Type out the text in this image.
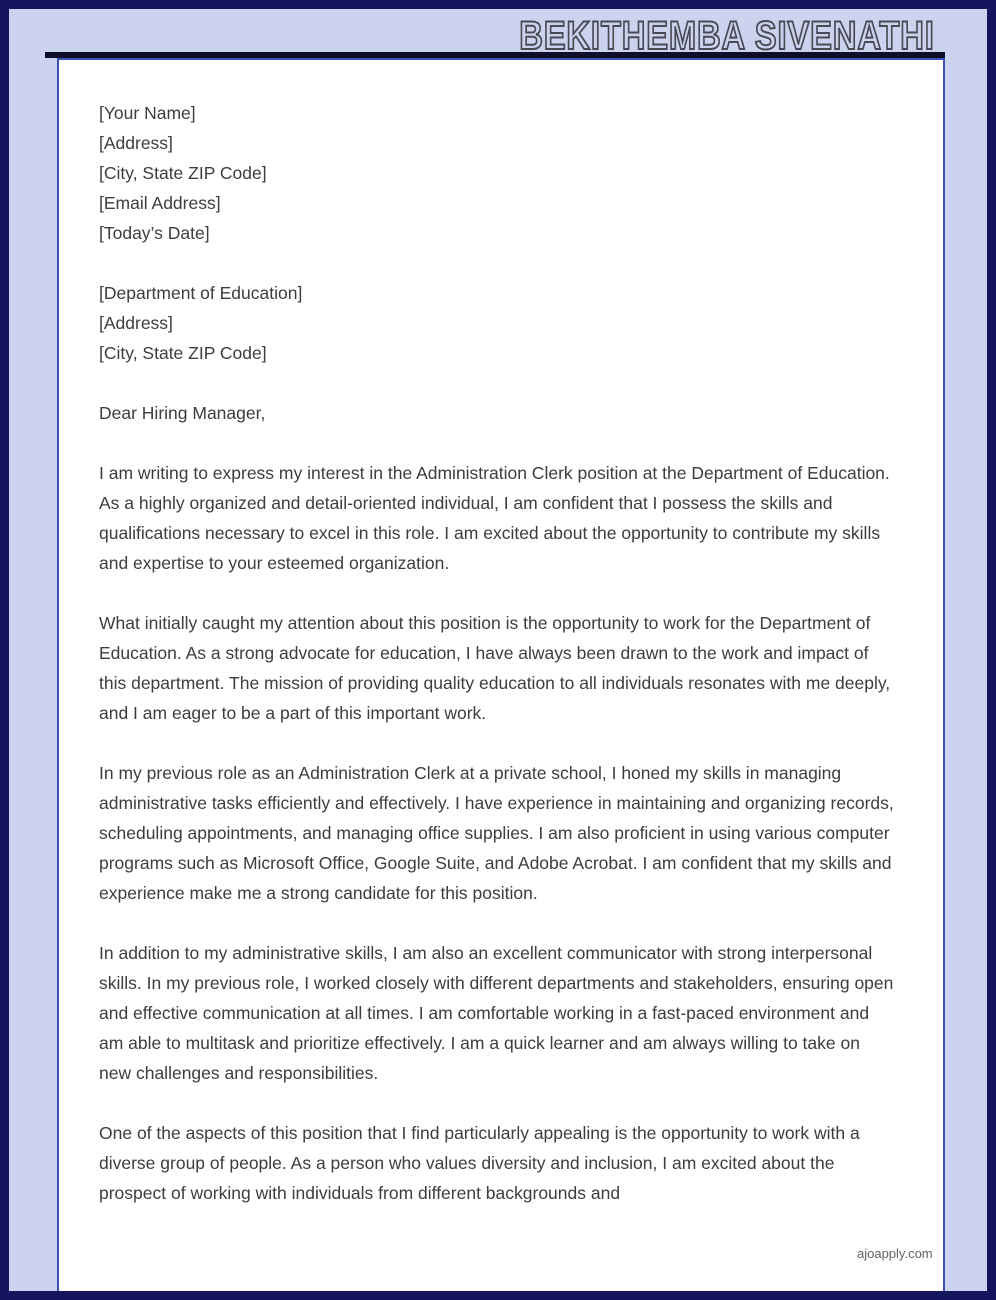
BEKITHEMBA SIVENATHI

[Your Name]

[Address]

[City, State ZIP Code]

[Email Address]

[Today’s Date]

[Department of Education]

[Address]

[City, State ZIP Code]

Dear Hiring Manager,

I am writing to express my interest in the Administration Clerk position at the Department of Education. As a highly organized and detail-oriented individual, I am confident that I possess the skills and qualifications necessary to excel in this role. I am excited about the opportunity to contribute my skills and expertise to your esteemed organization.

What initially caught my attention about this position is the opportunity to work for the Department of Education. As a strong advocate for education, I have always been drawn to the work and impact of this department. The mission of providing quality education to all individuals resonates with me deeply, and I am eager to be a part of this important work.

In my previous role as an Administration Clerk at a private school, I honed my skills in managing administrative tasks efficiently and effectively. I have experience in maintaining and organizing records, scheduling appointments, and managing office supplies. I am also proficient in using various computer programs such as Microsoft Office, Google Suite, and Adobe Acrobat. I am confident that my skills and experience make me a strong candidate for this position.

In addition to my administrative skills, I am also an excellent communicator with strong interpersonal skills. In my previous role, I worked closely with different departments and stakeholders, ensuring open and effective communication at all times. I am comfortable working in a fast-paced environment and am able to multitask and prioritize effectively. I am a quick learner and am always willing to take on new challenges and responsibilities.

One of the aspects of this position that I find particularly appealing is the opportunity to work with a diverse group of people. As a person who values diversity and inclusion, I am excited about the prospect of working with individuals from different backgrounds and

ajoapply.com
